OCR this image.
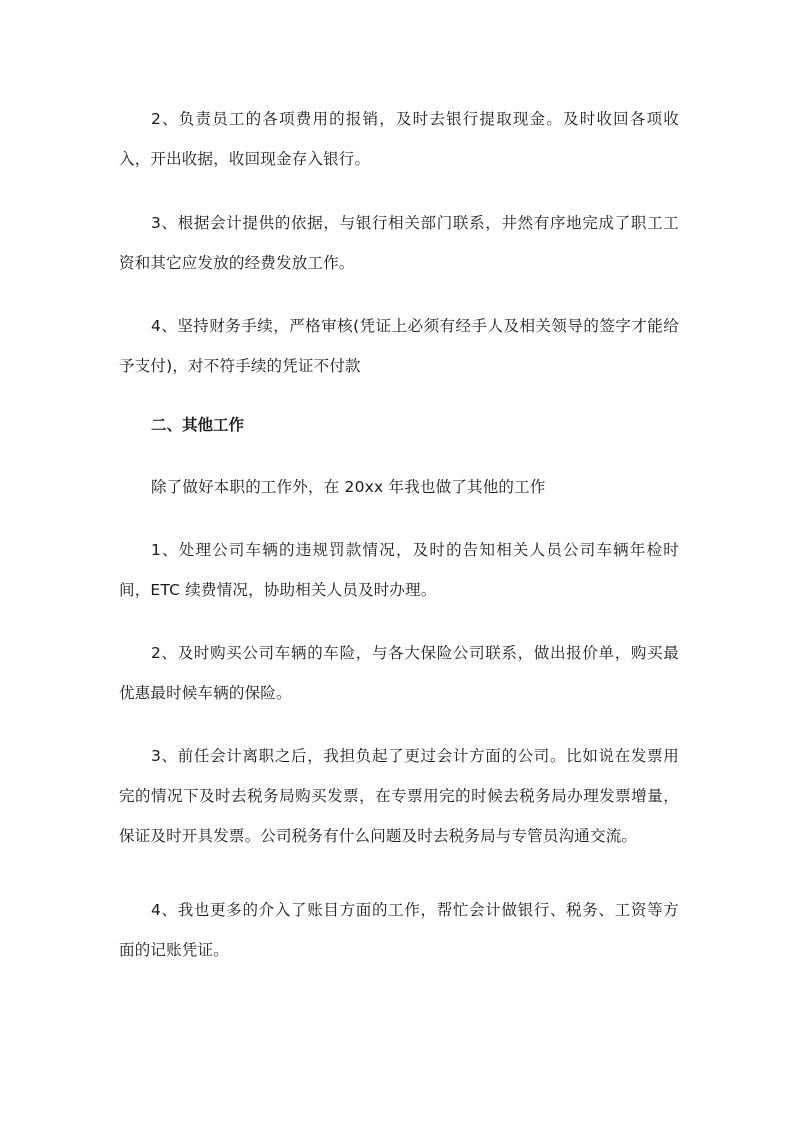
2、负责员工的各项费用的报销，及时去银行提取现金。及时收回各项收入，开出收据，收回现金存入银行。

3、根据会计提供的依据，与银行相关部门联系，井然有序地完成了职工工资和其它应发放的经费发放工作。

4、坚持财务手续，严格审核(凭证上必须有经手人及相关领导的签字才能给予支付)，对不符手续的凭证不付款

二、其他工作

除了做好本职的工作外，在 20xx 年我也做了其他的工作

1、处理公司车辆的违规罚款情况，及时的告知相关人员公司车辆年检时间，ETC 续费情况，协助相关人员及时办理。

2、及时购买公司车辆的车险，与各大保险公司联系，做出报价单，购买最优惠最时候车辆的保险。

3、前任会计离职之后，我担负起了更过会计方面的公司。比如说在发票用完的情况下及时去税务局购买发票，在专票用完的时候去税务局办理发票增量，保证及时开具发票。公司税务有什么问题及时去税务局与专管员沟通交流。

4、我也更多的介入了账目方面的工作，帮忙会计做银行、税务、工资等方面的记账凭证。
